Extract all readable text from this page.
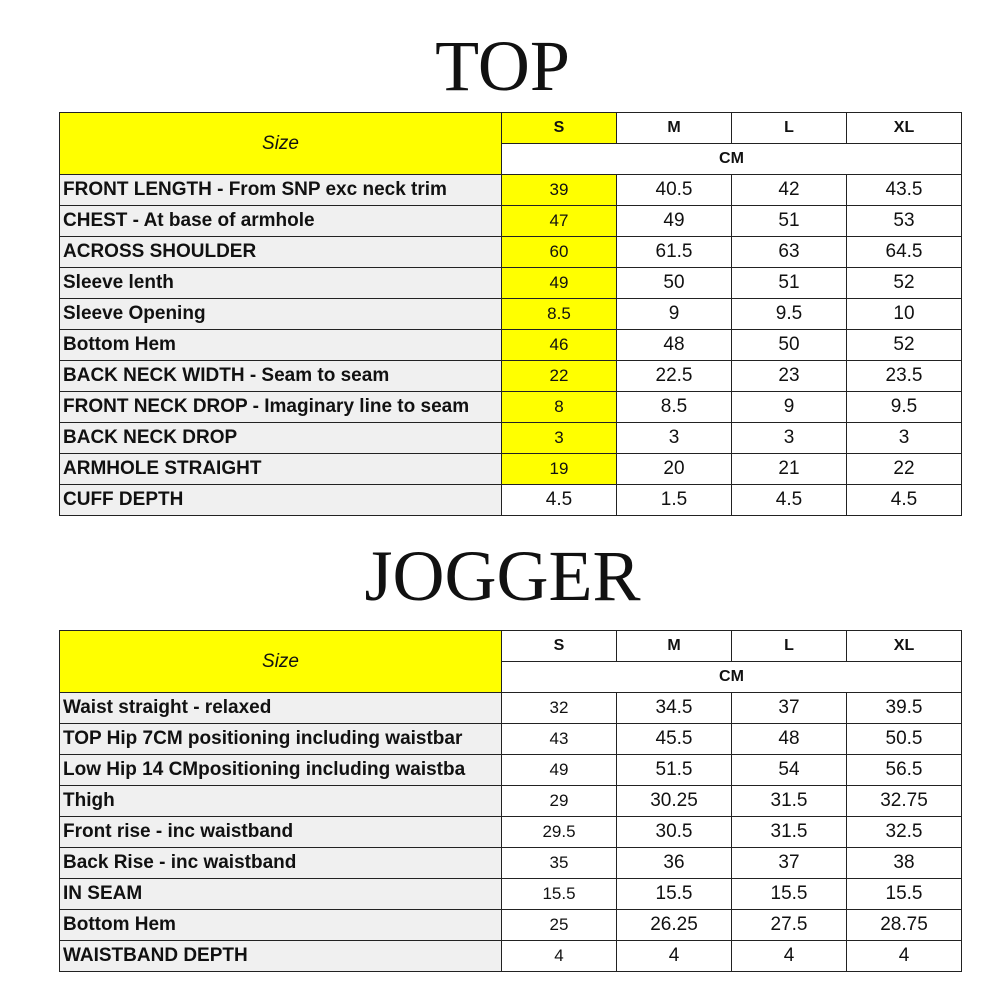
TOP
Size	S	M	L	XL
	CM			
FRONT LENGTH - From SNP exc neck trim	39	40.5	42	43.5
CHEST - At base of armhole	47	49	51	53
ACROSS SHOULDER	60	61.5	63	64.5
Sleeve lenth	49	50	51	52
Sleeve Opening	8.5	9	9.5	10
Bottom Hem	46	48	50	52
BACK NECK WIDTH - Seam to seam	22	22.5	23	23.5
FRONT NECK DROP - Imaginary line to seam	8	8.5	9	9.5
BACK NECK DROP	3	3	3	3
ARMHOLE STRAIGHT	19	20	21	22
CUFF DEPTH	4.5	1.5	4.5	4.5
JOGGER
Size	S	M	L	XL
	CM			
Waist straight - relaxed	32	34.5	37	39.5
TOP Hip 7CM positioning including waistbar	43	45.5	48	50.5
Low Hip 14 CMpositioning including waistba	49	51.5	54	56.5
Thigh	29	30.25	31.5	32.75
Front rise - inc waistband	29.5	30.5	31.5	32.5
Back Rise - inc waistband	35	36	37	38
IN SEAM	15.5	15.5	15.5	15.5
Bottom Hem	25	26.25	27.5	28.75
WAISTBAND DEPTH	4	4	4	4
